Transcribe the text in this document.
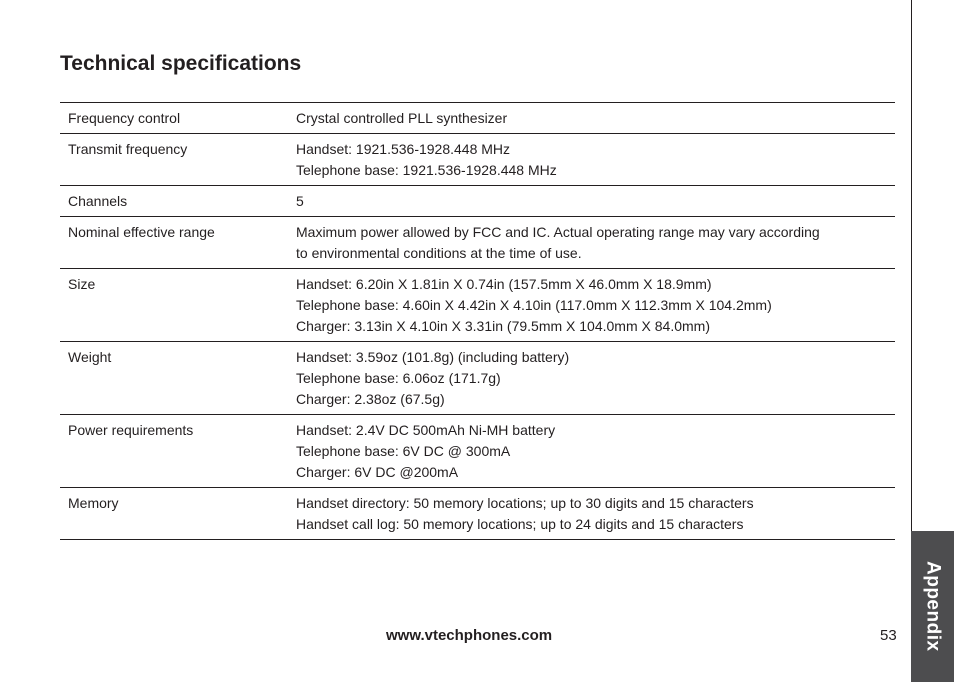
Appendix
Technical specifications
Frequency control	Crystal controlled PLL synthesizer
Transmit frequency	Handset: 1921.536-1928.448 MHz
Telephone base: 1921.536-1928.448 MHz
Channels	5
Nominal effective range	Maximum power allowed by FCC and IC. Actual operating range may vary according
to environmental conditions at the time of use.
Size	Handset: 6.20in X 1.81in X 0.74in (157.5mm X 46.0mm X 18.9mm)
Telephone base: 4.60in X 4.42in X 4.10in (117.0mm X 112.3mm X 104.2mm)
Charger: 3.13in X 4.10in X 3.31in (79.5mm X 104.0mm X 84.0mm)
Weight	Handset: 3.59oz (101.8g) (including battery)
Telephone base: 6.06oz (171.7g)
Charger: 2.38oz (67.5g)
Power requirements	Handset: 2.4V DC 500mAh Ni-MH battery
Telephone base: 6V DC @ 300mA
Charger: 6V DC @200mA
Memory	Handset directory: 50 memory locations; up to 30 digits and 15 characters
Handset call log: 50 memory locations; up to 24 digits and 15 characters
www.vtechphones.com	53
